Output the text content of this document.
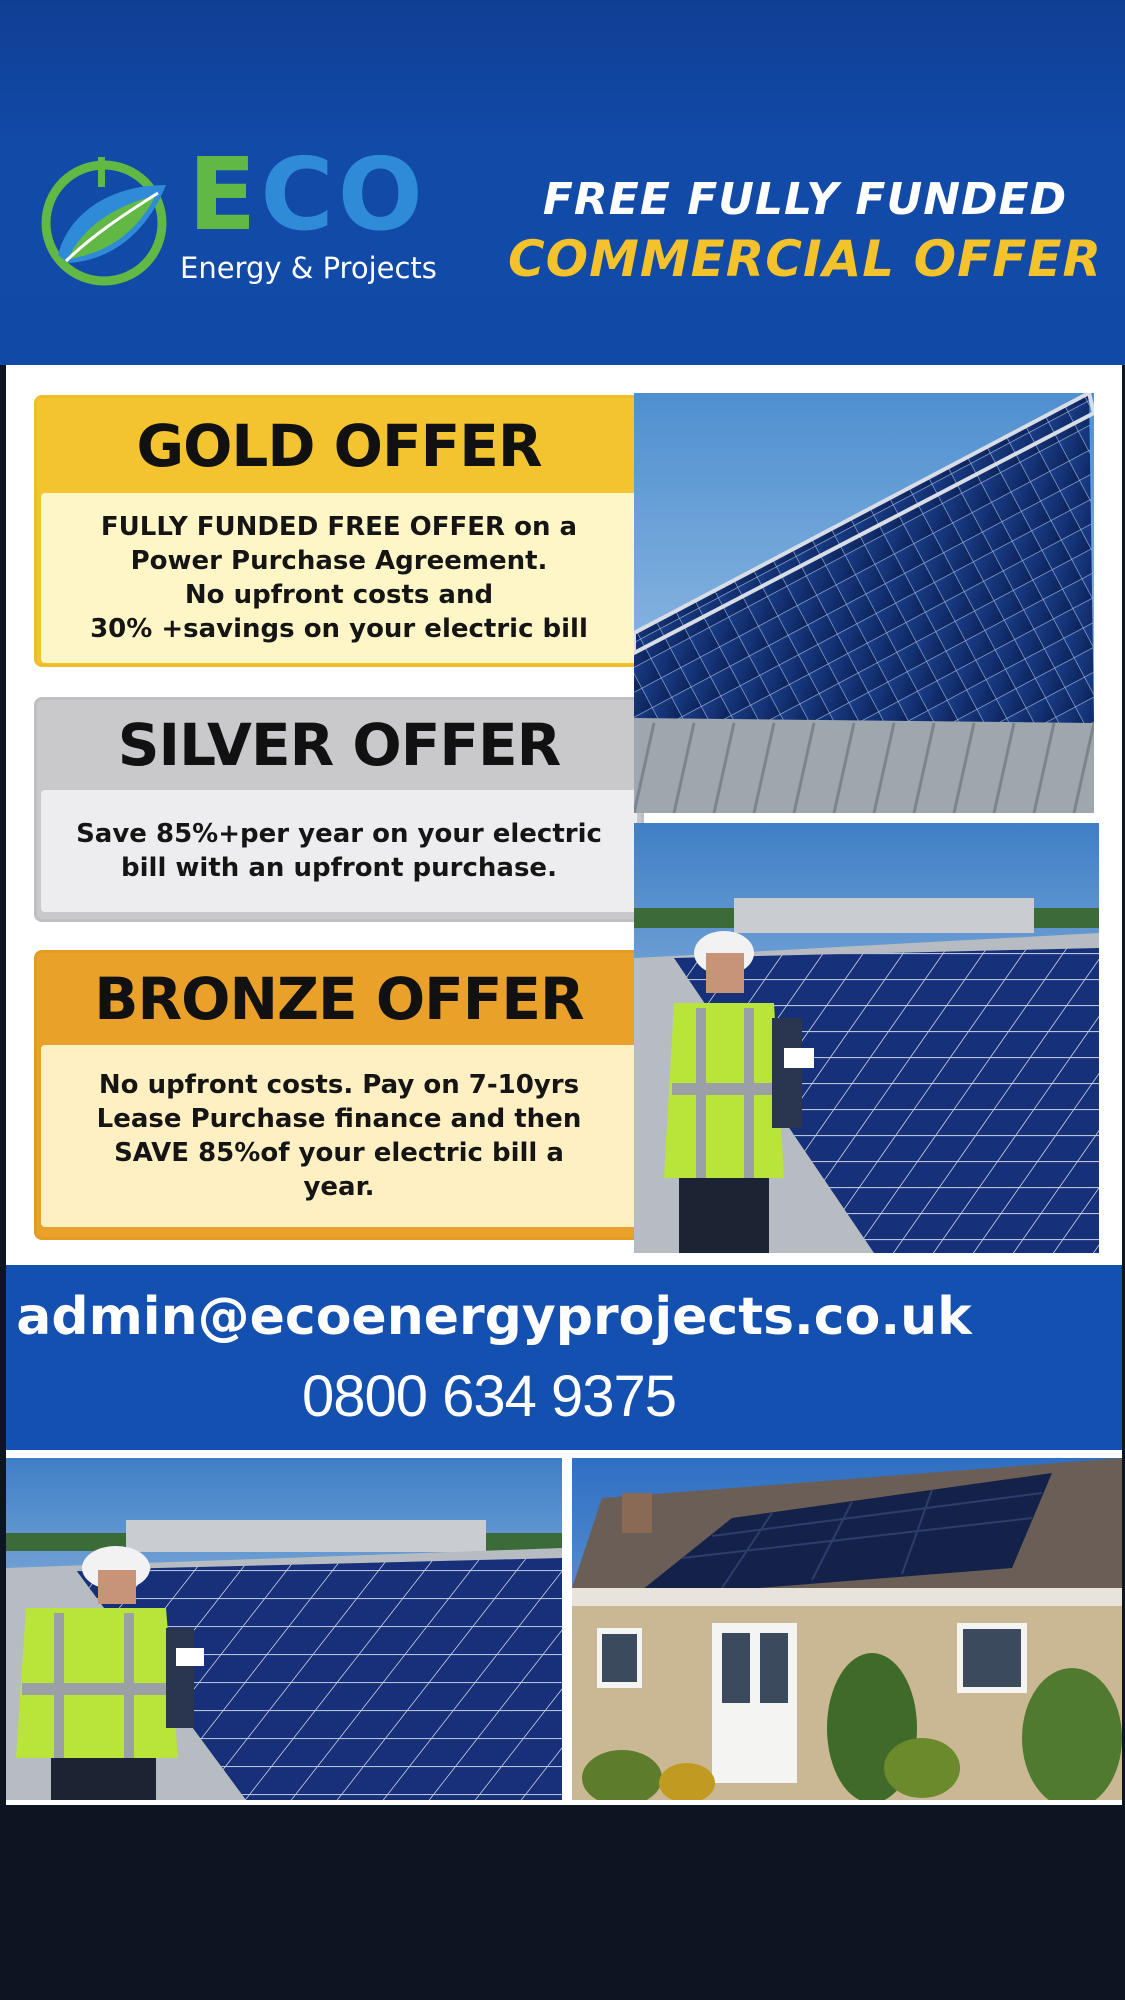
ECO
Energy & Projects
FREE FULLY FUNDED
COMMERCIAL OFFER
GOLD OFFER
FULLY FUNDED FREE OFFER on a
Power Purchase Agreement.
No upfront costs and
30% +savings on your electric bill
SILVER OFFER
Save 85%+per year on your electric
bill with an upfront purchase.
BRONZE OFFER
No upfront costs. Pay on 7-10yrs
Lease Purchase finance and then
SAVE 85%of your electric bill a
year.
admin@ecoenergyprojects.co.uk
0800 634 9375
